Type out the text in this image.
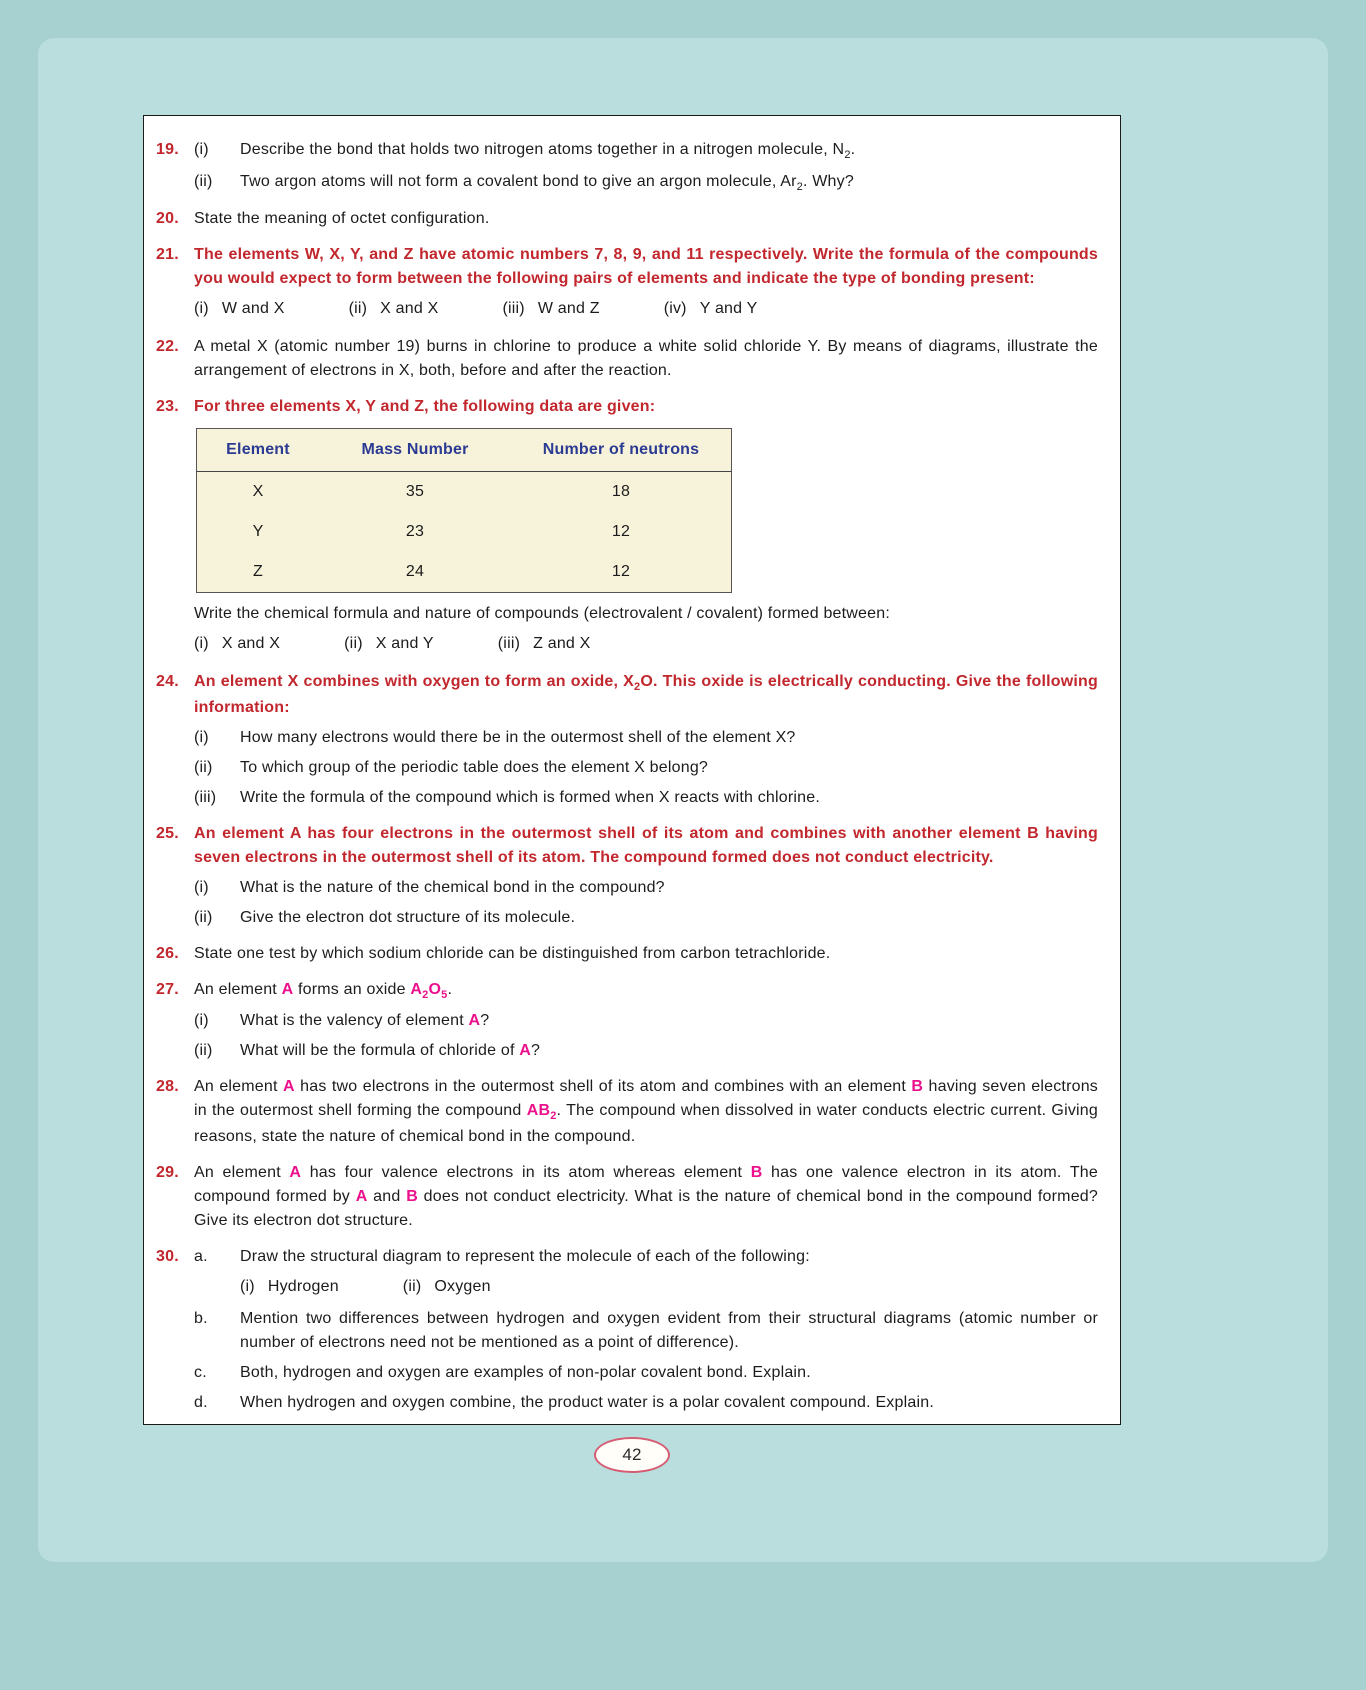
19. (i)	Describe the bond that holds two nitrogen atoms together in a nitrogen molecule, $N_2$.
(ii)	Two argon atoms will not form a covalent bond to give an argon molecule, $Ar_2$. Why?
20. State the meaning of octet configuration.
21. The elements W, X, Y, and Z have atomic numbers 7, 8, 9, and 11 respectively. Write the formula of the compounds you would expect to form between the following pairs of elements and indicate the type of bonding present:
(i) W and X	(ii) X and X	(iii) W and Z	(iv) Y and Y
22. A metal X (atomic number 19) burns in chlorine to produce a white solid chloride Y. By means of diagrams, illustrate the arrangement of electrons in X, both, before and after the reaction.
23. For three elements X, Y and Z, the following data are given:
Element	Mass Number	Number of neutrons
X	35	18
Y	23	12
Z	24	12
Write the chemical formula and nature of compounds (electrovalent / covalent) formed between:
(i) X and X	(ii) X and Y	(iii) Z and X
24. An element X combines with oxygen to form an oxide, $X_2O$. This oxide is electrically conducting. Give the following information:
(i)	How many electrons would there be in the outermost shell of the element X?
(ii)	To which group of the periodic table does the element X belong?
(iii)	Write the formula of the compound which is formed when X reacts with chlorine.
25. An element A has four electrons in the outermost shell of its atom and combines with another element B having seven electrons in the outermost shell of its atom. The compound formed does not conduct electricity.
(i)	What is the nature of the chemical bond in the compound?
(ii)	Give the electron dot structure of its molecule.
26. State one test by which sodium chloride can be distinguished from carbon tetrachloride.
27. An element A forms an oxide $A_2O_5$.
(i)	What is the valency of element A?
(ii)	What will be the formula of chloride of A?
28. An element A has two electrons in the outermost shell of its atom and combines with an element B having seven electrons in the outermost shell forming the compound $AB_2$. The compound when dissolved in water conducts electric current. Giving reasons, state the nature of chemical bond in the compound.
29. An element A has four valence electrons in its atom whereas element B has one valence electron in its atom. The compound formed by A and B does not conduct electricity. What is the nature of chemical bond in the compound formed? Give its electron dot structure.
30. a.	Draw the structural diagram to represent the molecule of each of the following:
(i) Hydrogen	(ii) Oxygen
b.	Mention two differences between hydrogen and oxygen evident from their structural diagrams (atomic number or number of electrons need not be mentioned as a point of difference).
c.	Both, hydrogen and oxygen are examples of non-polar covalent bond. Explain.
d.	When hydrogen and oxygen combine, the product water is a polar covalent compound. Explain.
42
